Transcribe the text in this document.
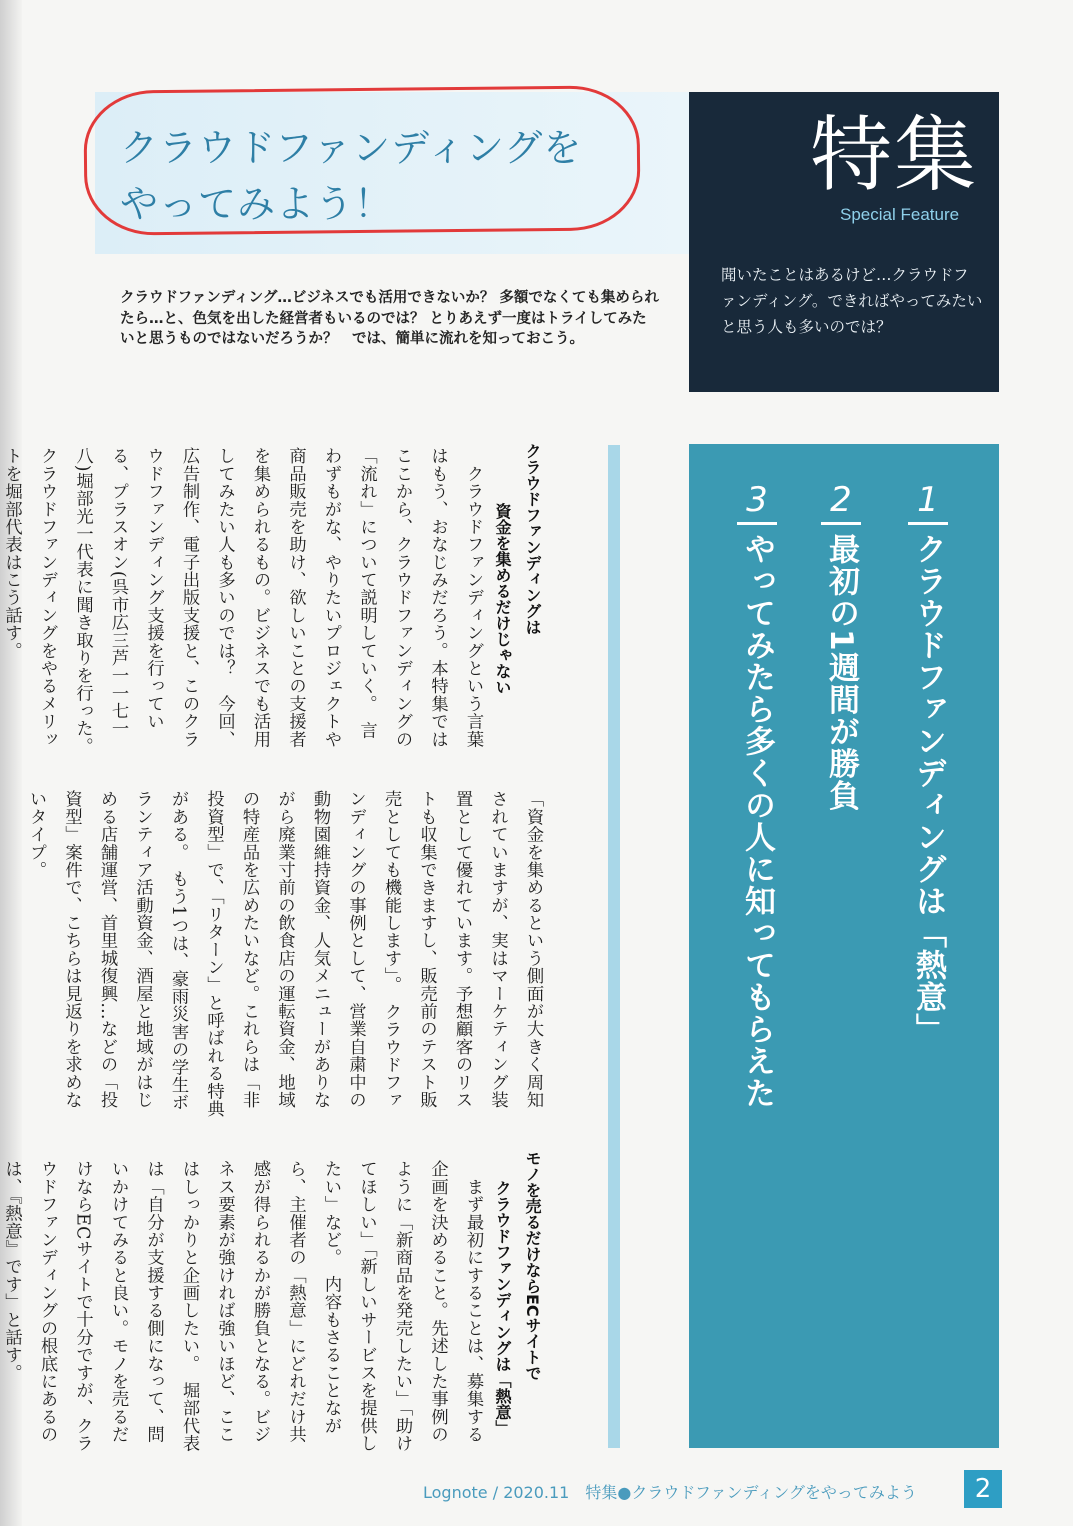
クラウドファンディングを
やってみよう！
特集
Special Feature

聞いたことはあるけど…クラウドファンディング。できればやってみたいと思う人も多いのでは？

クラウドファンディング…ビジネスでも活用できないか？ 多額でなくても集められたら…と、色気を出した経営者もいるのでは？ とりあえず一度はトライしてみたいと思うものではないだろうか？　では、簡単に流れを知っておこう。

1
クラウドファンディングは「熱意」
2
最初の1週間が勝負
3
やってみたら多くの人に知ってもらえた
クラウドファンディングは
資金を集めるだけじゃない

　クラウドファンディングという言葉はもう、おなじみだろう。本特集ではここから、クラウドファンディングの「流れ」について説明していく。　言わずもがな、やりたいプロジェクトや商品販売を助け、欲しいことの支援者を集められるもの。ビジネスでも活用してみたい人も多いのでは？　今回、広告制作、電子出版支援と、このクラウドファンディング支援を行っている、プラスオン(呉市広三芦一一七一八)堀部光一代表に聞き取りを行った。　クラウドファンディングをやるメリットを堀部代表はこう話す。

「資金を集めるという側面が大きく周知されていますが、実はマーケティング装置として優れています。予想顧客のリストも収集できますし、販売前のテスト販売としても機能します」。　クラウドファンディングの事例として、営業自粛中の動物園維持資金、人気メニューがありながら廃業寸前の飲食店の運転資金、地域の特産品を広めたいなど。これらは「非投資型」で、「リターン」と呼ばれる特典がある。　もう1つは、豪雨災害の学生ボランティア活動資金、酒屋と地域がはじめる店舗運営、首里城復興…などの「投資型」案件で、こちらは見返りを求めないタイプ。

モノを売るだけならECサイトで
クラウドファンディングは「熱意」

　まず最初にすることは、募集する企画を決めること。先述した事例のように「新商品を発売したい」「助けてほしい」「新しいサービスを提供したい」など。　内容もさることながら、主催者の「熱意」にどれだけ共感が得られるかが勝負となる。ビジネス要素が強ければ強いほど、ここはしっかりと企画したい。　堀部代表は「自分が支援する側になって、問いかけてみると良い。モノを売るだけならECサイトで十分ですが、クラウドファンディングの根底にあるのは、『熱意』です」と話す。

Lognote / 2020.11　特集●クラウドファンディングをやってみよう	2
